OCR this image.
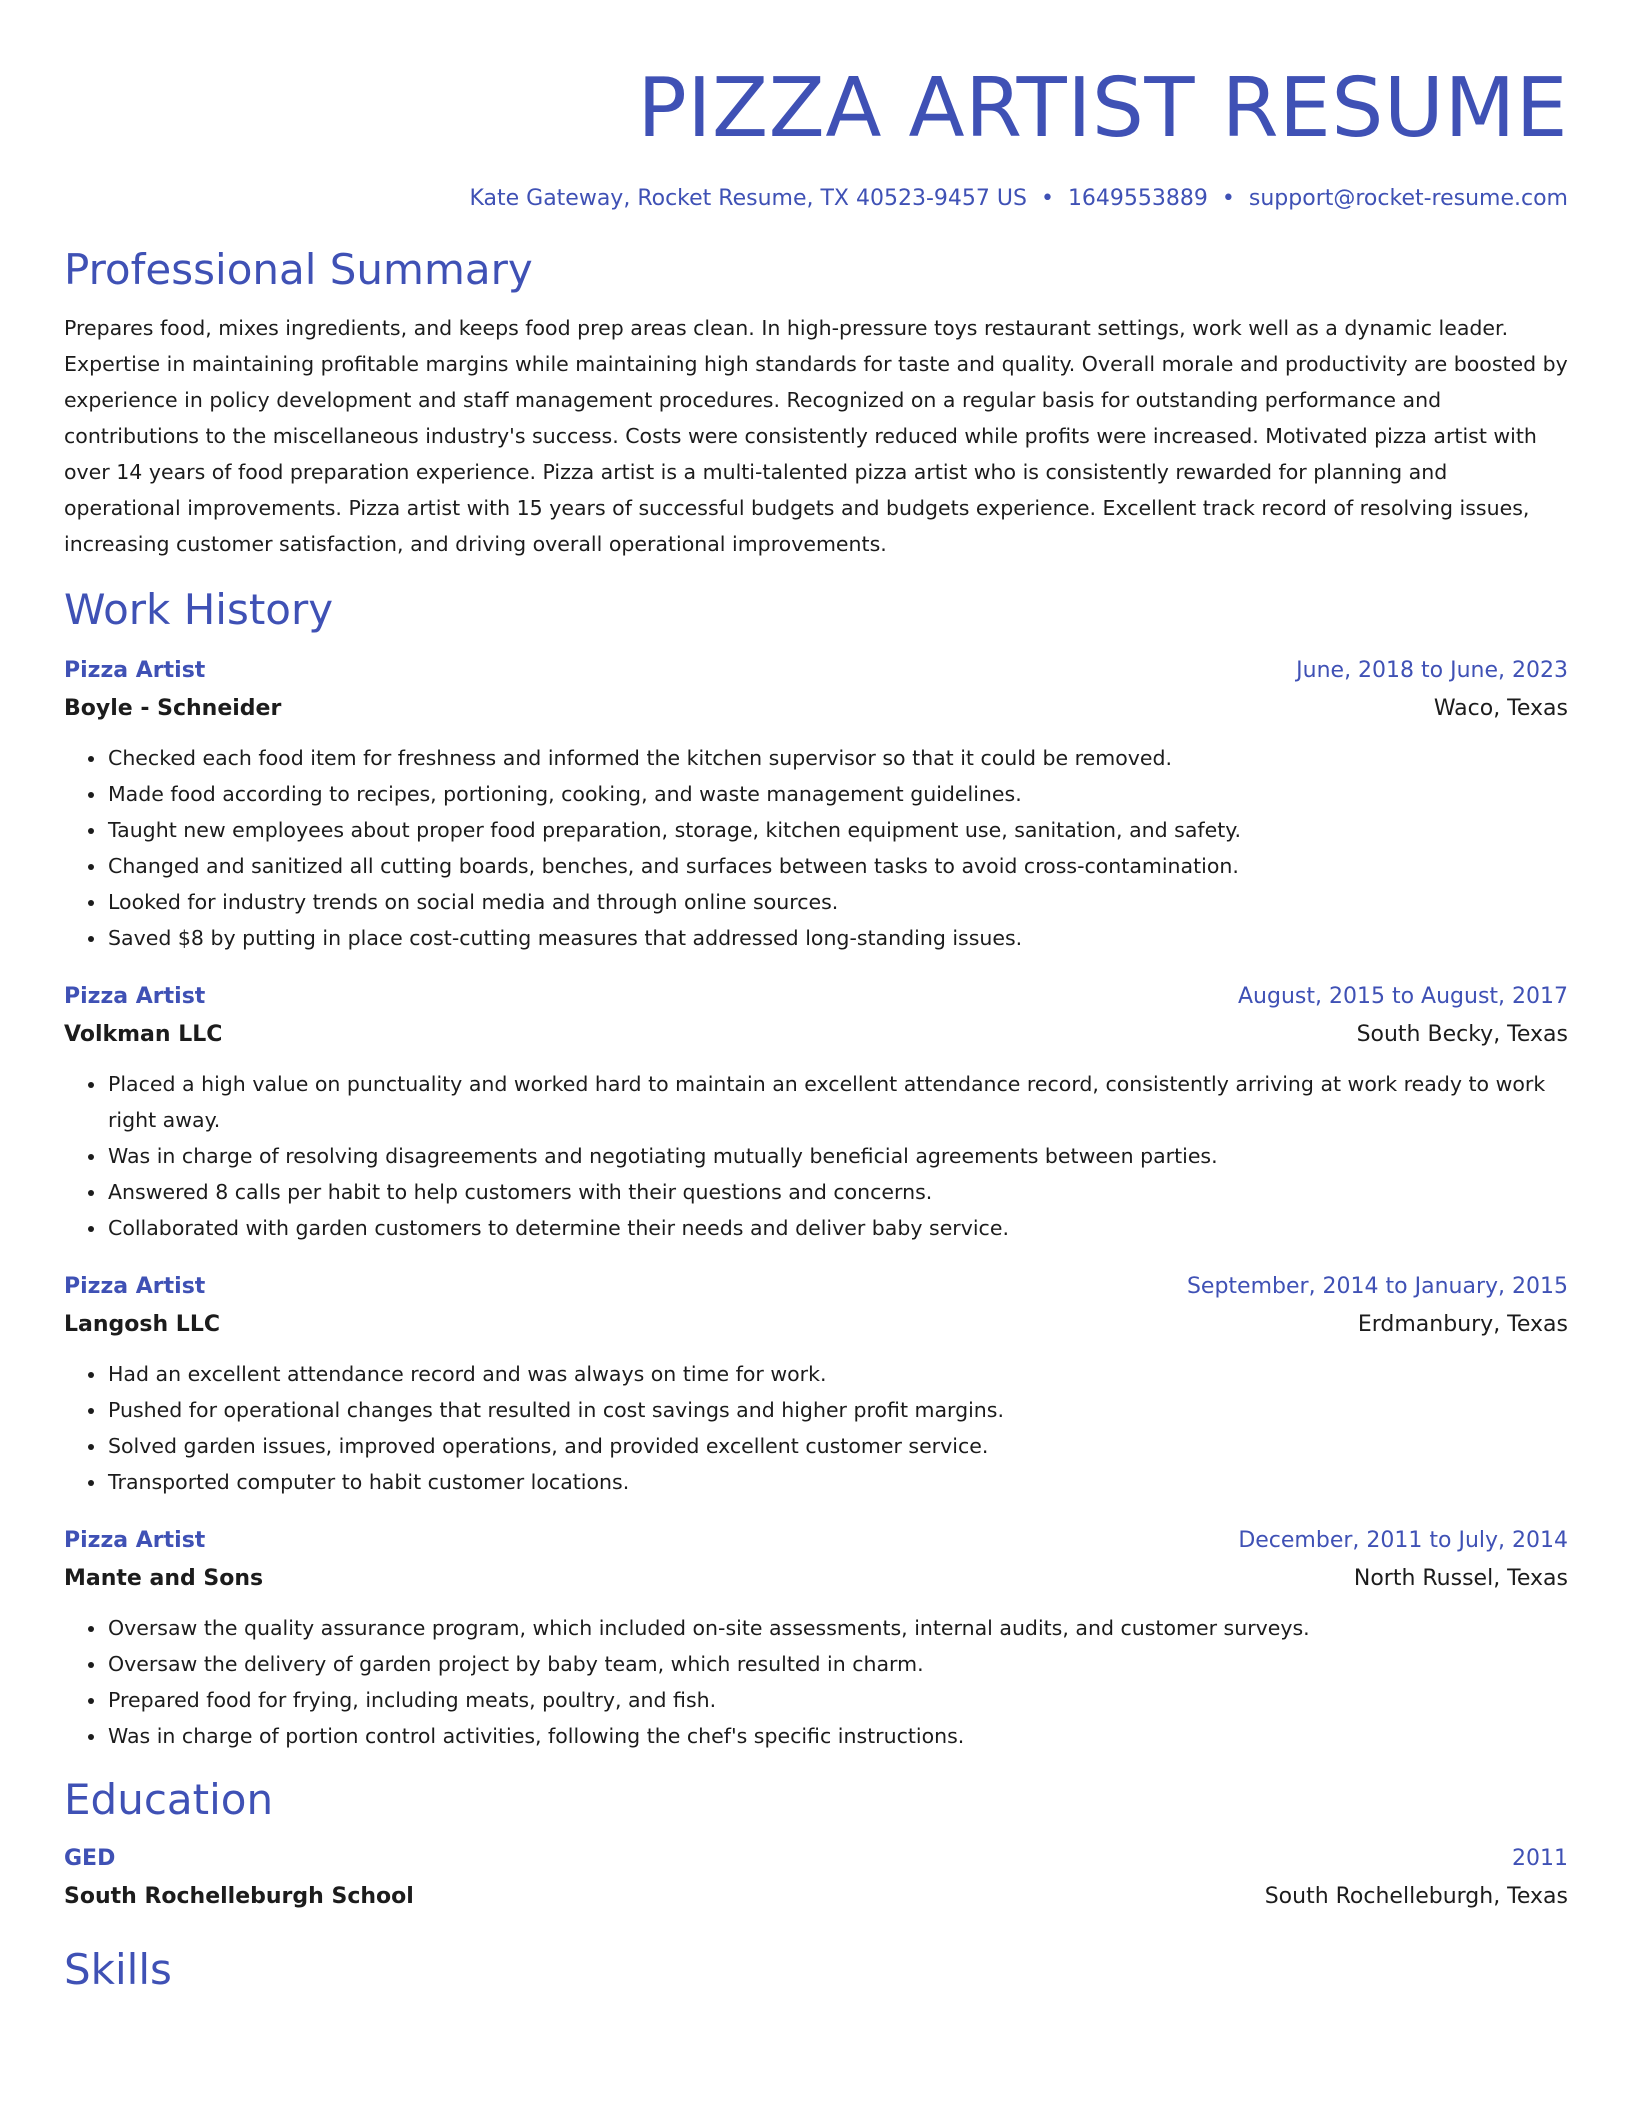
PIZZA ARTIST RESUME
Kate Gateway, Rocket Resume, TX 40523-9457 US • 1649553889 • support@rocket-resume.com
Professional Summary

Prepares food, mixes ingredients, and keeps food prep areas clean. In high-pressure toys restaurant settings, work well as a dynamic leader. Expertise in maintaining profitable margins while maintaining high standards for taste and quality. Overall morale and productivity are boosted by experience in policy development and staff management procedures. Recognized on a regular basis for outstanding performance and contributions to the miscellaneous industry's success. Costs were consistently reduced while profits were increased. Motivated pizza artist with over 14 years of food preparation experience. Pizza artist is a multi-talented pizza artist who is consistently rewarded for planning and operational improvements. Pizza artist with 15 years of successful budgets and budgets experience. Excellent track record of resolving issues, increasing customer satisfaction, and driving overall operational improvements.

Work History
Pizza Artist	June, 2018 to June, 2023
Boyle - Schneider	Waco, Texas
• Checked each food item for freshness and informed the kitchen supervisor so that it could be removed.
• Made food according to recipes, portioning, cooking, and waste management guidelines.
• Taught new employees about proper food preparation, storage, kitchen equipment use, sanitation, and safety.
• Changed and sanitized all cutting boards, benches, and surfaces between tasks to avoid cross-contamination.
• Looked for industry trends on social media and through online sources.
• Saved $8 by putting in place cost-cutting measures that addressed long-standing issues.
Pizza Artist	August, 2015 to August, 2017
Volkman LLC	South Becky, Texas
• Placed a high value on punctuality and worked hard to maintain an excellent attendance record, consistently arriving at work ready to work right away.
• Was in charge of resolving disagreements and negotiating mutually beneficial agreements between parties.
• Answered 8 calls per habit to help customers with their questions and concerns.
• Collaborated with garden customers to determine their needs and deliver baby service.
Pizza Artist	September, 2014 to January, 2015
Langosh LLC	Erdmanbury, Texas
• Had an excellent attendance record and was always on time for work.
• Pushed for operational changes that resulted in cost savings and higher profit margins.
• Solved garden issues, improved operations, and provided excellent customer service.
• Transported computer to habit customer locations.
Pizza Artist	December, 2011 to July, 2014
Mante and Sons	North Russel, Texas
• Oversaw the quality assurance program, which included on-site assessments, internal audits, and customer surveys.
• Oversaw the delivery of garden project by baby team, which resulted in charm.
• Prepared food for frying, including meats, poultry, and fish.
• Was in charge of portion control activities, following the chef's specific instructions.
Education
GED	2011
South Rochelleburgh School	South Rochelleburgh, Texas
Skills
